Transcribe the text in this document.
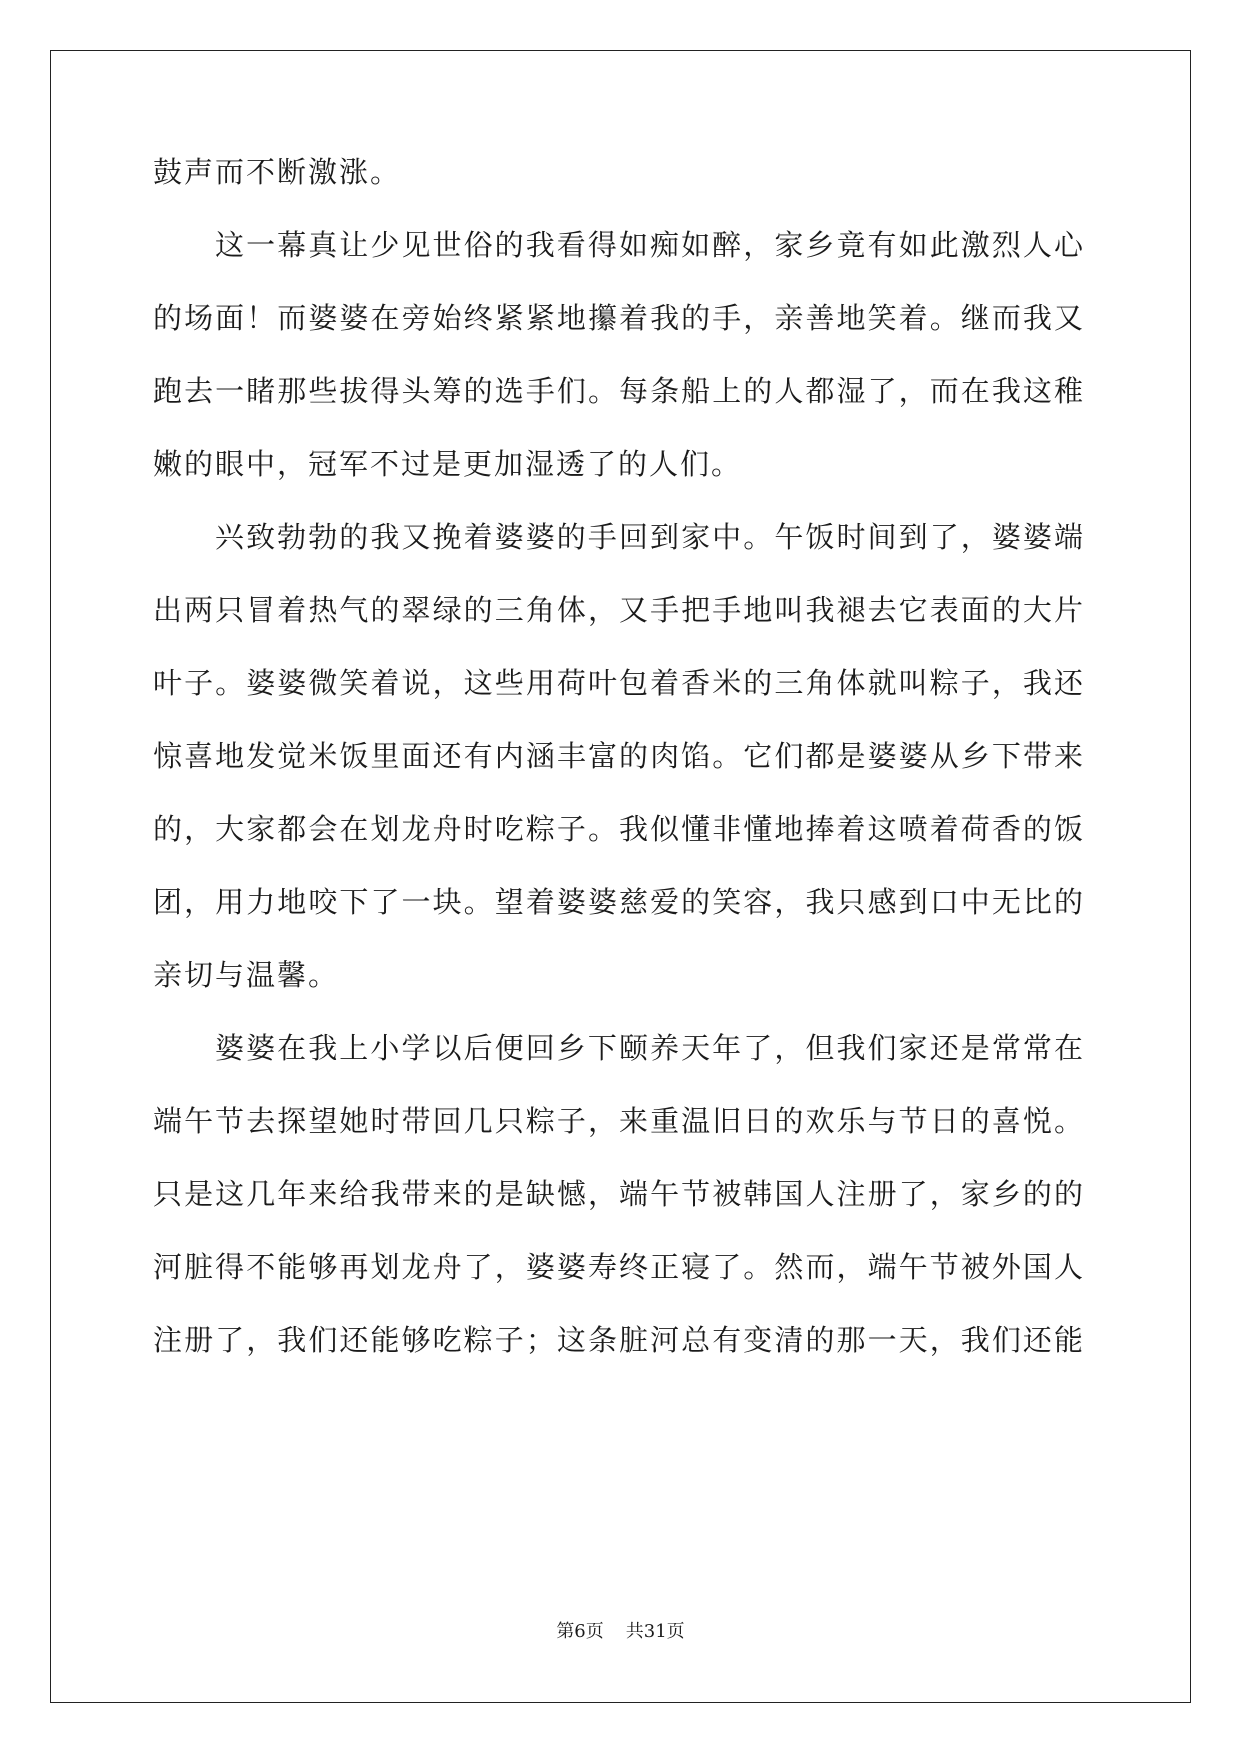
鼓声而不断激涨。
这一幕真让少见世俗的我看得如痴如醉，家乡竟有如此激烈人心
的场面！而婆婆在旁始终紧紧地攥着我的手，亲善地笑着。继而我又
跑去一睹那些拔得头筹的选手们。每条船上的人都湿了，而在我这稚
嫩的眼中，冠军不过是更加湿透了的人们。
兴致勃勃的我又挽着婆婆的手回到家中。午饭时间到了，婆婆端
出两只冒着热气的翠绿的三角体，又手把手地叫我褪去它表面的大片
叶子。婆婆微笑着说，这些用荷叶包着香米的三角体就叫粽子，我还
惊喜地发觉米饭里面还有内涵丰富的肉馅。它们都是婆婆从乡下带来
的，大家都会在划龙舟时吃粽子。我似懂非懂地捧着这喷着荷香的饭
团，用力地咬下了一块。望着婆婆慈爱的笑容，我只感到口中无比的
亲切与温馨。
婆婆在我上小学以后便回乡下颐养天年了，但我们家还是常常在
端午节去探望她时带回几只粽子，来重温旧日的欢乐与节日的喜悦。
只是这几年来给我带来的是缺憾，端午节被韩国人注册了，家乡的的
河脏得不能够再划龙舟了，婆婆寿终正寝了。然而，端午节被外国人
注册了，我们还能够吃粽子；这条脏河总有变清的那一天，我们还能
第6页 共31页
